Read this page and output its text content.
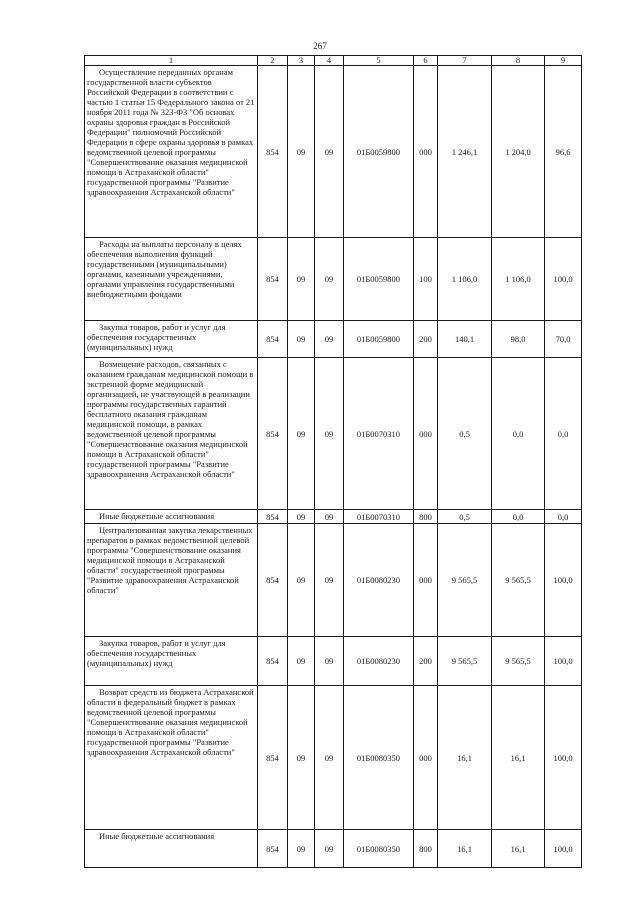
267
1	2	3	4	5	6	7	8	9

Осуществление переданных органам государственной власти субъектов Российской Федерации в соответствии с частью 1 статьи 15 Федерального закона от 21 ноября 2011 года № 323-ФЗ "Об основах охраны здоровья граждан в Российской Федерации" полномочий Российской Федерации в сфере охраны здоровья в рамках ведомственной целевой программы "Совершенствование оказания медицинской помощи в Астраханской области" государственной программы "Развитие здравоохранения Астраханской области"	854	09	09	01Б0059800	000	1 246,1	1 204,0	96,6

Расходы на выплаты персоналу в целях обеспечения выполнения функций государственными (муниципальными) органами, казенными учреждениями, органами управления государственными внебюджетными фондами	854	09	09	01Б0059800	100	1 106,0	1 106,0	100,0

Закупка товаров, работ и услуг для обеспечения государственных (муниципальных) нужд	854	09	09	01Б0059800	200	140,1	98,0	70,0

Возмещение расходов, связанных с оказанием гражданам медицинской помощи в экстренной форме медицинской организацией, не участвующей в реализации программы государственных гарантий бесплатного оказания гражданам медицинской помощи, в рамках ведомственной целевой программы "Совершенствование оказания медицинской помощи в Астраханской области" государственной программы "Развитие здравоохранения Астраханской области"	854	09	09	01Б0070310	000	0,5	0,0	0,0

Иные бюджетные ассигнования	854	09	09	01Б0070310	800	0,5	0,0	0,0

Централизованная закупка лекарственных препаратов в рамках ведомственной целевой программы "Совершенствование оказания медицинской помощи в Астраханской области" государственной программы "Развитие здравоохранения Астраханской области"	854	09	09	01Б0080230	000	9 565,5	9 565,5	100,0

Закупка товаров, работ и услуг для обеспечения государственных (муниципальных) нужд	854	09	09	01Б0080230	200	9 565,5	9 565,5	100,0

Возврат средств из бюджета Астраханской области в федеральный бюджет в рамках ведомственной целевой программы "Совершенствование оказания медицинской помощи в Астраханской области" государственной программы "Развитие здравоохранения Астраханской области"	854	09	09	01Б0080350	000	16,1	16,1	100,0

Иные бюджетные ассигнования	854	09	09	01Б0080350	800	16,1	16,1	100,0
